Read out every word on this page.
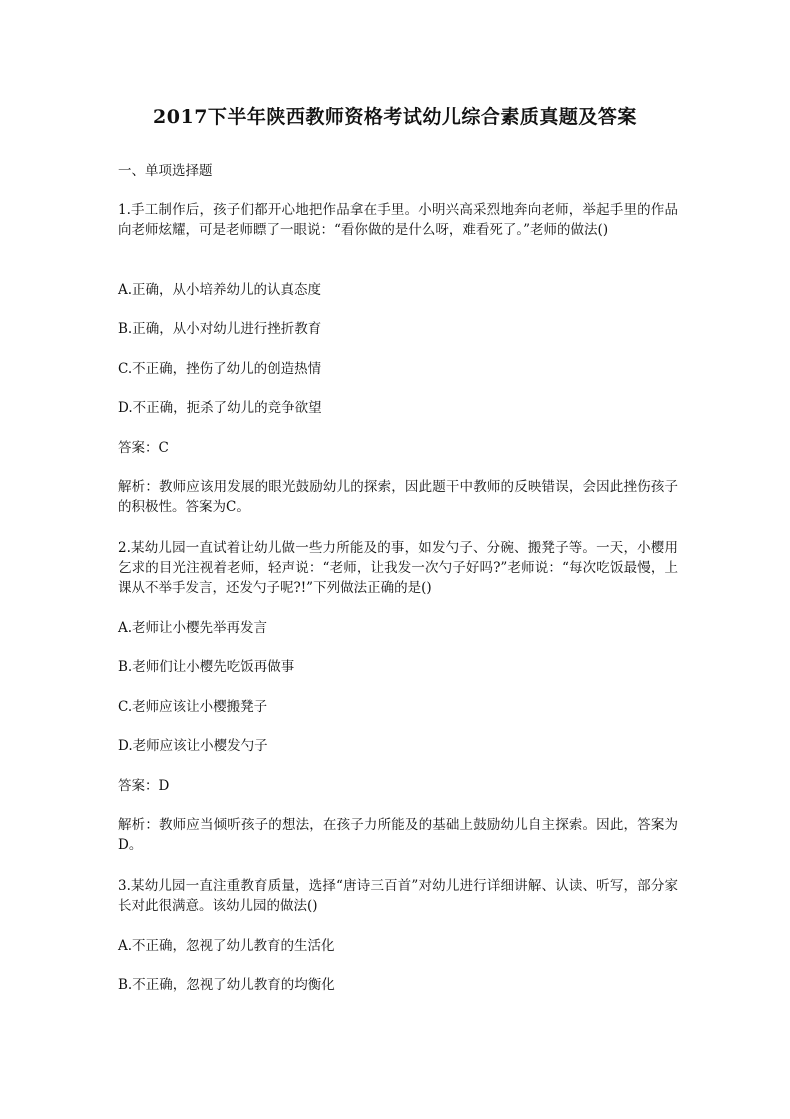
2017下半年陕西教师资格考试幼儿综合素质真题及答案
一、单项选择题
1.手工制作后，孩子们都开心地把作品拿在手里。小明兴高采烈地奔向老师，举起手里的作品向老师炫耀，可是老师瞟了一眼说：“看你做的是什么呀，难看死了。”老师的做法()
A.正确，从小培养幼儿的认真态度
B.正确，从小对幼儿进行挫折教育
C.不正确，挫伤了幼儿的创造热情
D.不正确，扼杀了幼儿的竞争欲望
答案：C
解析：教师应该用发展的眼光鼓励幼儿的探索，因此题干中教师的反映错误，会因此挫伤孩子的积极性。答案为C。
2.某幼儿园一直试着让幼儿做一些力所能及的事，如发勺子、分碗、搬凳子等。一天，小樱用乞求的目光注视着老师，轻声说：“老师，让我发一次勺子好吗?”老师说：“每次吃饭最慢，上课从不举手发言，还发勺子呢?!”下列做法正确的是()
A.老师让小樱先举再发言
B.老师们让小樱先吃饭再做事
C.老师应该让小樱搬凳子
D.老师应该让小樱发勺子
答案：D
解析：教师应当倾听孩子的想法，在孩子力所能及的基础上鼓励幼儿自主探索。因此，答案为D。
3.某幼儿园一直注重教育质量，选择“唐诗三百首”对幼儿进行详细讲解、认读、听写，部分家长对此很满意。该幼儿园的做法()
A.不正确，忽视了幼儿教育的生活化
B.不正确，忽视了幼儿教育的均衡化
